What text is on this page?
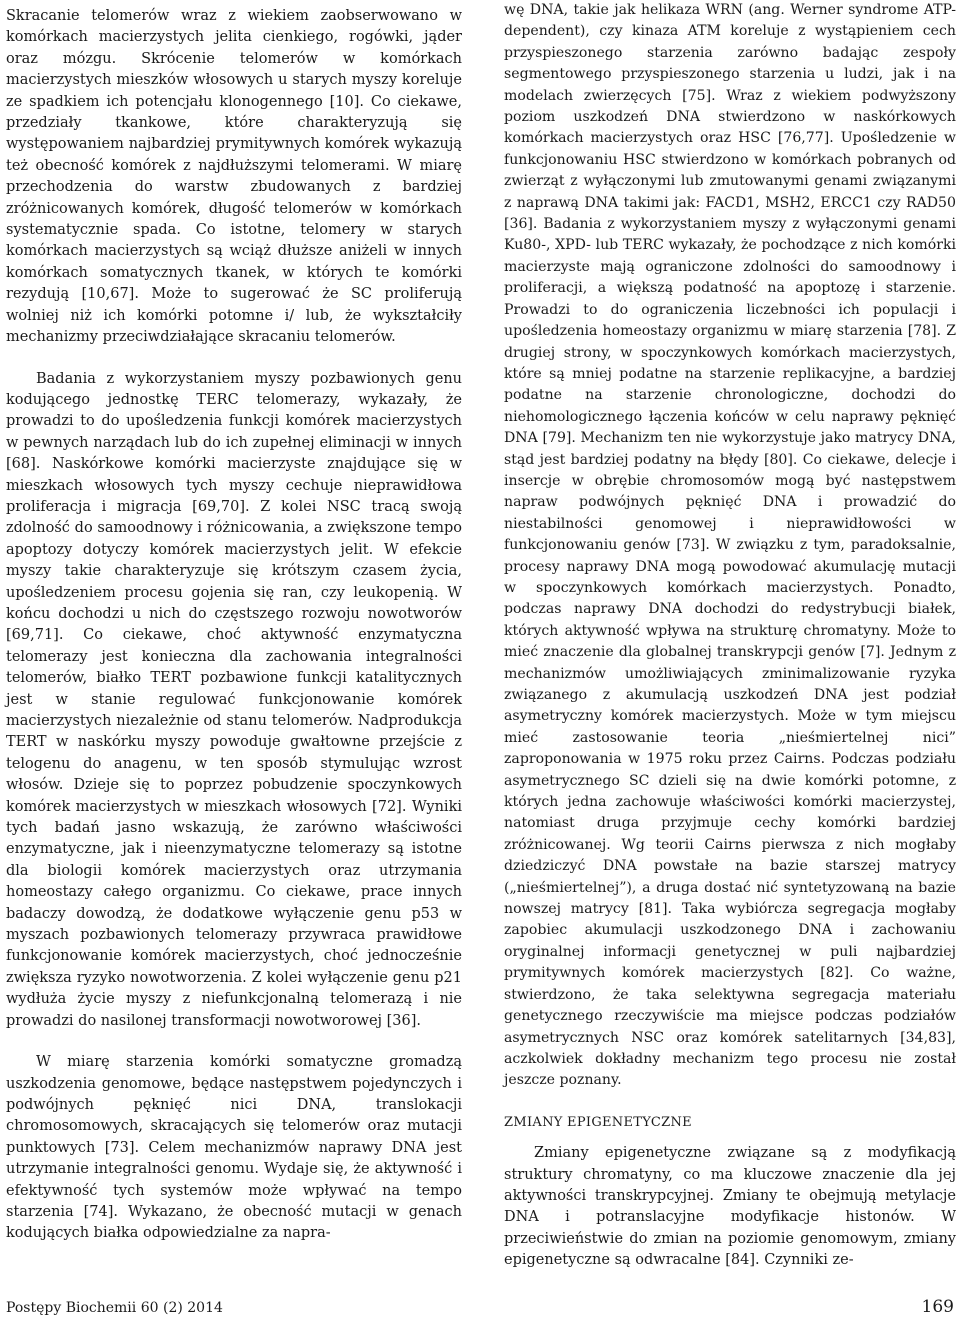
Skracanie telomerów wraz z wiekiem zaobserwowano w komórkach macierzystych jelita cienkiego, rogówki, jąder oraz mózgu. Skrócenie telomerów w komórkach macierzystych mieszków włosowych u starych myszy koreluje ze spadkiem ich potencjału klonogennego [10]. Co ciekawe, przedziały tkankowe, które charakteryzują się występowaniem najbardziej prymitywnych komórek wykazują też obecność komórek z najdłuższymi telomerami. W miarę przechodzenia do warstw zbudowanych z bardziej zróżnicowanych komórek, długość telomerów w komórkach systematycznie spada. Co istotne, telomery w starych komórkach macierzystych są wciąż dłuższe aniżeli w innych komórkach somatycznych tkanek, w których te komórki rezydują [10,67]. Może to sugerować że SC proliferują wolniej niż ich komórki potomne i/ lub, że wykształciły mechanizmy przeciwdziałające skracaniu telomerów.

Badania z wykorzystaniem myszy pozbawionych genu kodującego jednostkę TERC telomerazy, wykazały, że prowadzi to do upośledzenia funkcji komórek macierzystych w pewnych narządach lub do ich zupełnej eliminacji w innych [68]. Naskórkowe komórki macierzyste znajdujące się w mieszkach włosowych tych myszy cechuje nieprawidłowa proliferacja i migracja [69,70]. Z kolei NSC tracą swoją zdolność do samoodnowy i różnicowania, a zwiększone tempo apoptozy dotyczy komórek macierzystych jelit. W efekcie myszy takie charakteryzuje się krótszym czasem życia, upośledzeniem procesu gojenia się ran, czy leukopenią. W końcu dochodzi u nich do częstszego rozwoju nowotworów [69,71]. Co ciekawe, choć aktywność enzymatyczna telomerazy jest konieczna dla zachowania integralności telomerów, białko TERT pozbawione funkcji katalitycznych jest w stanie regulować funkcjonowanie komórek macierzystych niezależnie od stanu telomerów. Nadprodukcja TERT w naskórku myszy powoduje gwałtowne przejście z telogenu do anagenu, w ten sposób stymulując wzrost włosów. Dzieje się to poprzez pobudzenie spoczynkowych komórek macierzystych w mieszkach włosowych [72]. Wyniki tych badań jasno wskazują, że zarówno właściwości enzymatyczne, jak i nieenzymatyczne telomerazy są istotne dla biologii komórek macierzystych oraz utrzymania homeostazy całego organizmu. Co ciekawe, prace innych badaczy dowodzą, że dodatkowe wyłączenie genu p53 w myszach pozbawionych telomerazy przywraca prawidłowe funkcjonowanie komórek macierzystych, choć jednocześnie zwiększa ryzyko nowotworzenia. Z kolei wyłączenie genu p21 wydłuża życie myszy z niefunkcjonalną telomerazą i nie prowadzi do nasilonej transformacji nowotworowej [36].

W miarę starzenia komórki somatyczne gromadzą uszkodzenia genomowe, będące następstwem pojedynczych i podwójnych pęknięć nici DNA, translokacji chromosomowych, skracających się telomerów oraz mutacji punktowych [73]. Celem mechanizmów naprawy DNA jest utrzymanie integralności genomu. Wydaje się, że aktywność i efektywność tych systemów może wpływać na tempo starzenia [74]. Wykazano, że obecność mutacji w genach kodujących białka odpowiedzialne za napra-

wę DNA, takie jak helikaza WRN (ang. Werner syndrome ATP-dependent), czy kinaza ATM koreluje z wystąpieniem cech przyspieszonego starzenia zarówno badając zespoły segmentowego przyspieszonego starzenia u ludzi, jak i na modelach zwierzęcych [75]. Wraz z wiekiem podwyższony poziom uszkodzeń DNA stwierdzono w naskórkowych komórkach macierzystych oraz HSC [76,77]. Upośledzenie w funkcjonowaniu HSC stwierdzono w komórkach pobranych od zwierząt z wyłączonymi lub zmutowanymi genami związanymi z naprawą DNA takimi jak: FACD1, MSH2, ERCC1 czy RAD50 [36]. Badania z wykorzystaniem myszy z wyłączonymi genami Ku80-, XPD- lub TERC wykazały, że pochodzące z nich komórki macierzyste mają ograniczone zdolności do samoodnowy i proliferacji, a większą podatność na apoptozę i starzenie. Prowadzi to do ograniczenia liczebności ich populacji i upośledzenia homeostazy organizmu w miarę starzenia [78]. Z drugiej strony, w spoczynkowych komórkach macierzystych, które są mniej podatne na starzenie replikacyjne, a bardziej podatne na starzenie chronologiczne, dochodzi do niehomologicznego łączenia końców w celu naprawy pęknięć DNA [79]. Mechanizm ten nie wykorzystuje jako matrycy DNA, stąd jest bardziej podatny na błędy [80]. Co ciekawe, delecje i insercje w obrębie chromosomów mogą być następstwem napraw podwójnych pęknięć DNA i prowadzić do niestabilności genomowej i nieprawidłowości w funkcjonowaniu genów [73]. W związku z tym, paradoksalnie, procesy naprawy DNA mogą powodować akumulację mutacji w spoczynkowych komórkach macierzystych. Ponadto, podczas naprawy DNA dochodzi do redystrybucji białek, których aktywność wpływa na strukturę chromatyny. Może to mieć znaczenie dla globalnej transkrypcji genów [7]. Jednym z mechanizmów umożliwiających zminimalizowanie ryzyka związanego z akumulacją uszkodzeń DNA jest podział asymetryczny komórek macierzystych. Może w tym miejscu mieć zastosowanie teoria „nieśmiertelnej nici” zaproponowania w 1975 roku przez Cairns. Podczas podziału asymetrycznego SC dzieli się na dwie komórki potomne, z których jedna zachowuje właściwości komórki macierzystej, natomiast druga przyjmuje cechy komórki bardziej zróżnicowanej. Wg teorii Cairns pierwsza z nich mogłaby dziedziczyć DNA powstałe na bazie starszej matrycy („nieśmiertelnej”), a druga dostać nić syntetyzowaną na bazie nowszej matrycy [81]. Taka wybiórcza segregacja mogłaby zapobiec akumulacji uszkodzonego DNA i zachowaniu oryginalnej informacji genetycznej w puli najbardziej prymitywnych komórek macierzystych [82]. Co ważne, stwierdzono, że taka selektywna segregacja materiału genetycznego rzeczywiście ma miejsce podczas podziałów asymetrycznych NSC oraz komórek satelitarnych [34,83], aczkolwiek dokładny mechanizm tego procesu nie został jeszcze poznany.

ZMIANY EPIGENETYCZNE

Zmiany epigenetyczne związane są z modyfikacją struktury chromatyny, co ma kluczowe znaczenie dla jej aktywności transkrypcyjnej. Zmiany te obejmują metylacje DNA i potranslacyjne modyfikacje histonów. W przeciwieństwie do zmian na poziomie genomowym, zmiany epigenetyczne są odwracalne [84]. Czynniki ze-

Postępy Biochemii 60 (2) 2014	169
